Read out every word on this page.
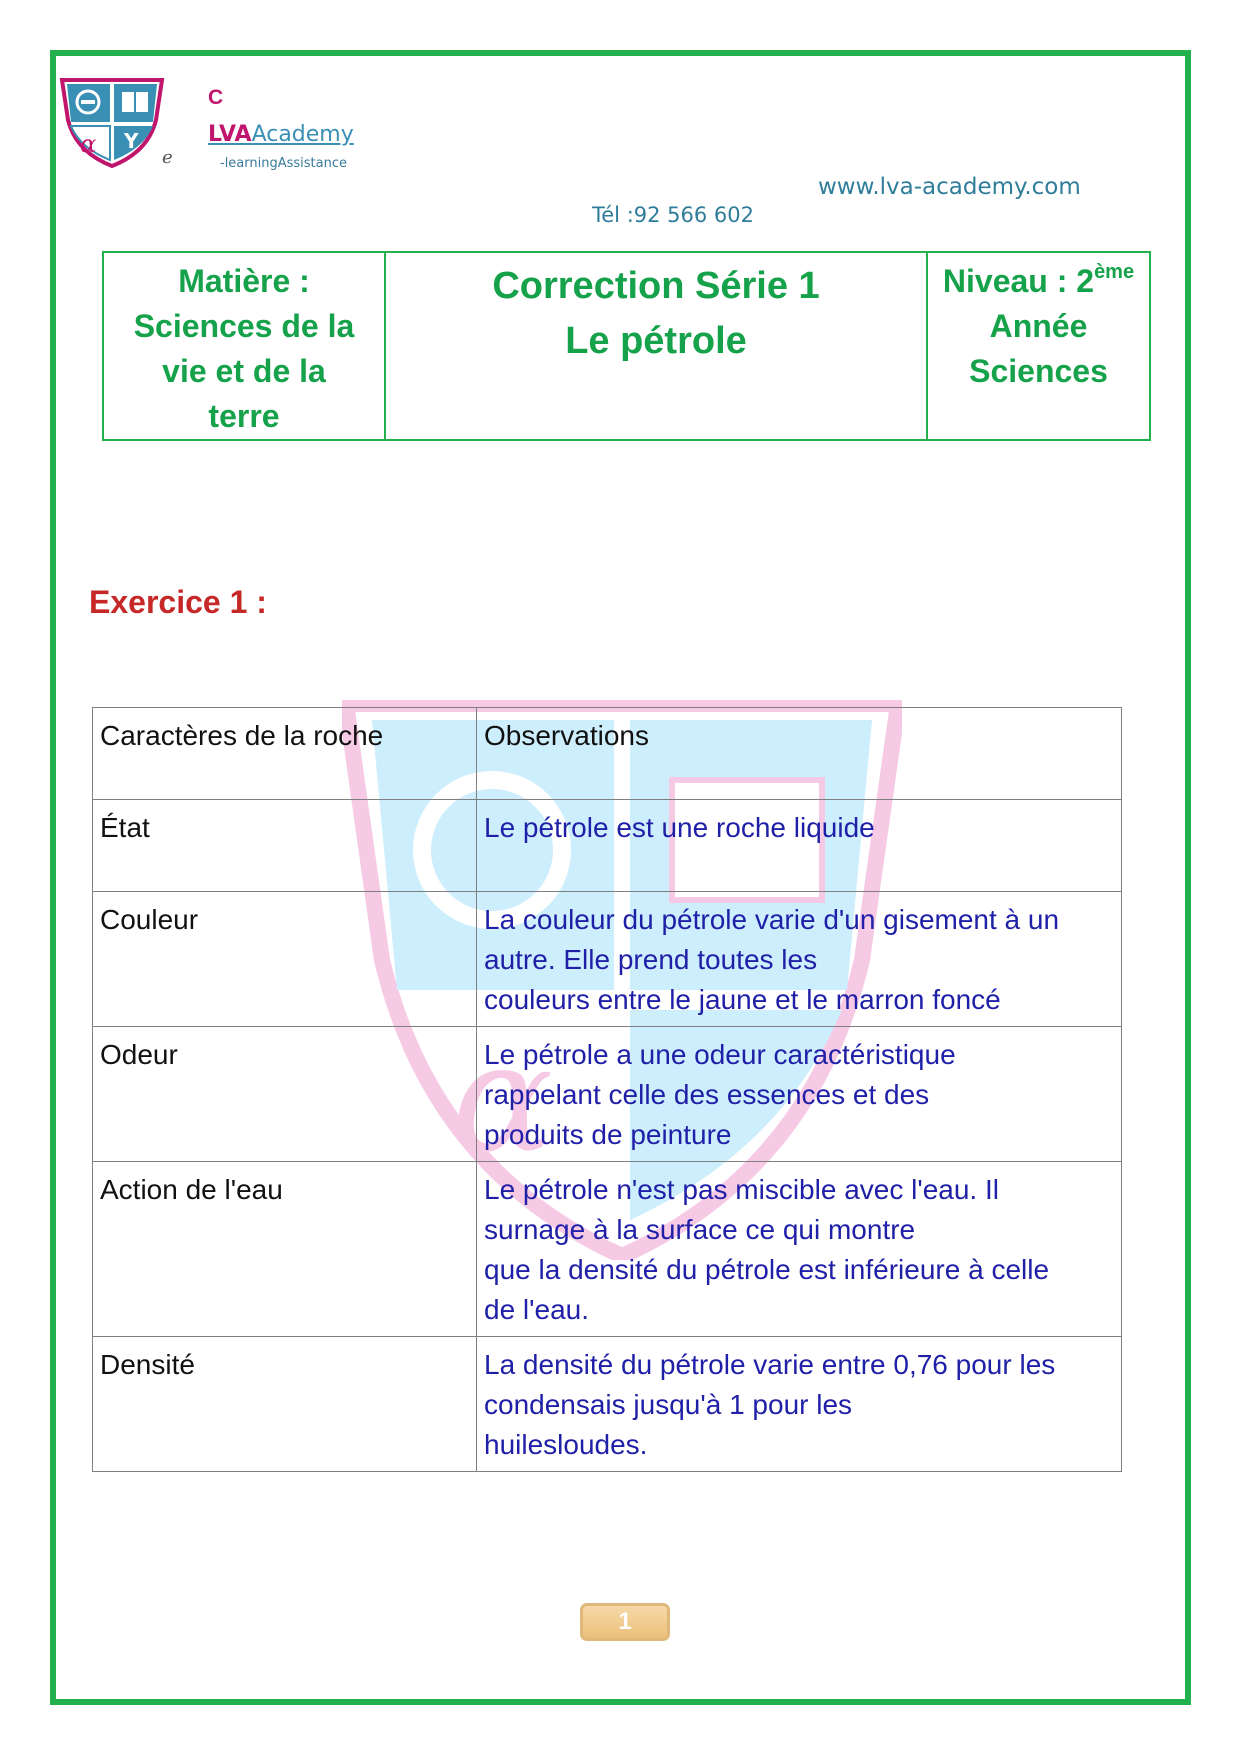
α Y
e
C
LVAAcademy
-learningAssistance
www.lva-academy.com
Tél :92 566 602
Matière :
Sciences de la
vie et de la
terre

Correction Série 1
Le pétrole

Niveau : 2ème
Année
Sciences
Exercice 1 :
α
Caractères de la roche	Observations
État	Le pétrole est une roche liquide

Couleur	La couleur du pétrole varie d'un gisement à un
autre. Elle prend toutes les
couleurs entre le jaune et le marron foncé

Odeur	Le pétrole a une odeur caractéristique
rappelant celle des essences et des
produits de peinture

Action de l'eau	Le pétrole n'est pas miscible avec l'eau. Il
surnage à la surface ce qui montre
que la densité du pétrole est inférieure à celle
de l'eau.

Densité	La densité du pétrole varie entre 0,76 pour les
condensais jusqu'à 1 pour les
huilesloudes.
1
